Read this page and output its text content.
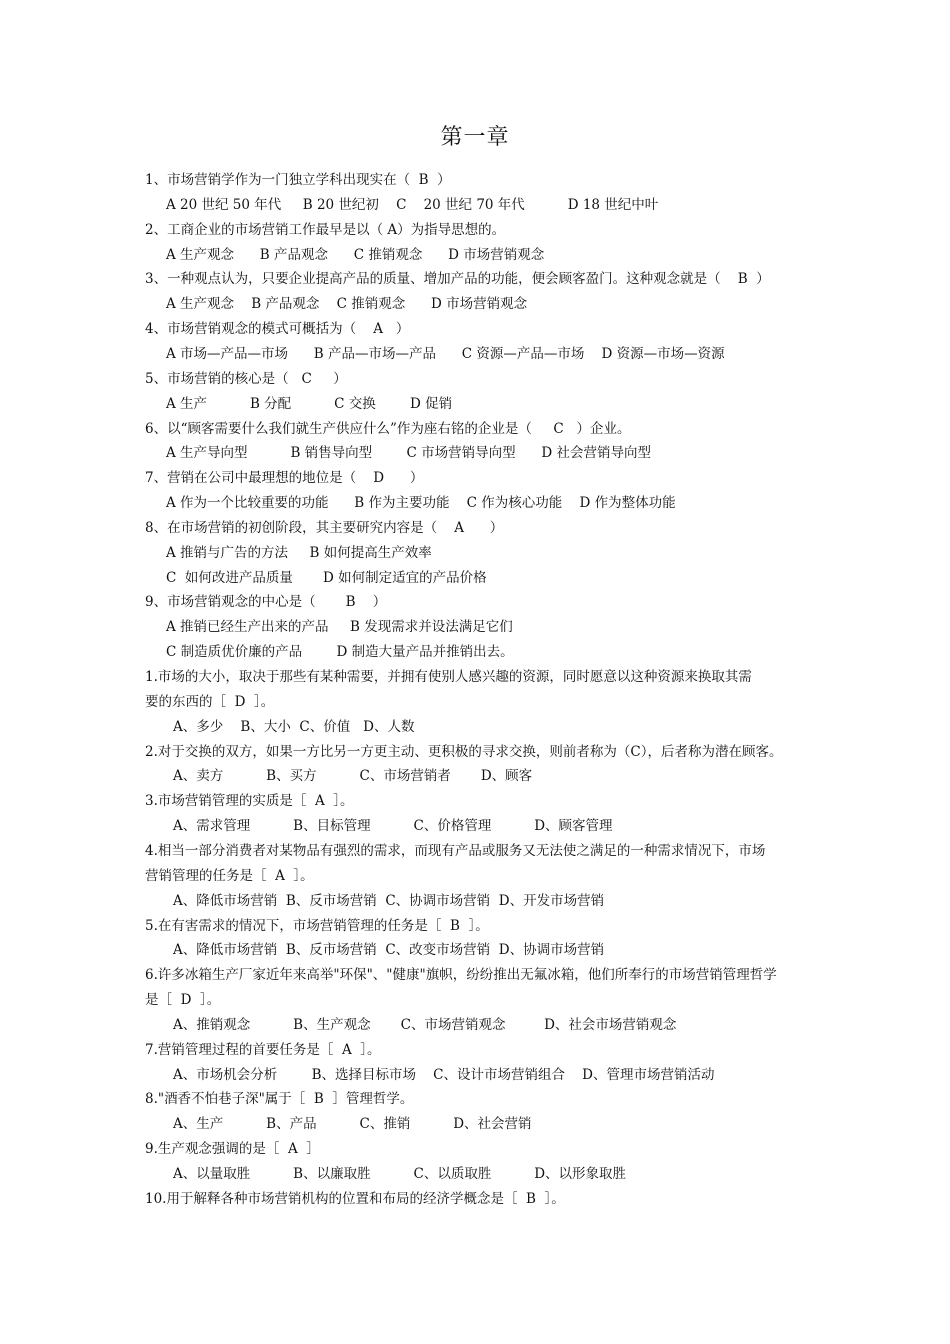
第一章
1、市场营销学作为一门独立学科出现实在（  B  ）
A 20 世纪 50 年代     B 20 世纪初    C    20 世纪 70 年代          D 18 世纪中叶
2、工商企业的市场营销工作最早是以（ A）为指导思想的。
A 生产观念      B 产品观念      C 推销观念      D 市场营销观念
3、一种观点认为，只要企业提高产品的质量、增加产品的功能，便会顾客盈门。这种观念就是（    B  ）
A 生产观念    B 产品观念    C 推销观念      D 市场营销观念
4、市场营销观念的模式可概括为（    A   ）
A 市场—产品—市场      B 产品—市场—产品      C 资源—产品—市场    D 资源—市场—资源
5、市场营销的核心是（   C     ）
A 生产          B 分配          C 交换        D 促销
6、以“顾客需要什么我们就生产供应什么”作为座右铭的企业是（     C   ）企业。
A 生产导向型          B 销售导向型        C 市场营销导向型      D 社会营销导向型
7、营销在公司中最理想的地位是（    D      ）
A 作为一个比较重要的功能      B 作为主要功能    C 作为核心功能    D 作为整体功能
8、在市场营销的初创阶段，其主要研究内容是（    A      ）
A 推销与广告的方法     B 如何提高生产效率
C  如何改进产品质量       D 如何制定适宜的产品价格
9、市场营销观念的中心是（       B    ）
A 推销已经生产出来的产品     B 发现需求并设法满足它们
C 制造质优价廉的产品        D 制造大量产品并推销出去。
1.市场的大小，取决于那些有某种需要，并拥有使别人感兴趣的资源，同时愿意以这种资源来换取其需
要的东西的［  D  ］。
A、多少    B、大小  C、价值   D、人数
2.对于交换的双方，如果一方比另一方更主动、更积极的寻求交换，则前者称为（C），后者称为潜在顾客。
A、卖方          B、买方          C、市场营销者       D、顾客
3.市场营销管理的实质是［  A  ］。
A、需求管理          B、目标管理          C、价格管理          D、顾客管理
4.相当一部分消费者对某物品有强烈的需求，而现有产品或服务又无法使之满足的一种需求情况下，市场
营销管理的任务是［  A  ］。
A、降低市场营销  B、反市场营销  C、协调市场营销  D、开发市场营销
5.在有害需求的情况下，市场营销管理的任务是［  B  ］。
A、降低市场营销  B、反市场营销  C、改变市场营销  D、协调市场营销
6.许多冰箱生产厂家近年来高举"环保"、"健康"旗帜，纷纷推出无氟冰箱，他们所奉行的市场营销管理哲学
是［  D  ］。
A、推销观念          B、生产观念       C、市场营销观念         D、社会市场营销观念
7.营销管理过程的首要任务是［  A  ］。
A、市场机会分析        B、选择目标市场    C、设计市场营销组合    D、管理市场营销活动
8."酒香不怕巷子深"属于［  B  ］管理哲学。
A、生产          B、产品          C、推销          D、社会营销
9.生产观念强调的是［  A  ］
A、以量取胜          B、以廉取胜          C、以质取胜          D、以形象取胜
10.用于解释各种市场营销机构的位置和布局的经济学概念是［  B  ］。
